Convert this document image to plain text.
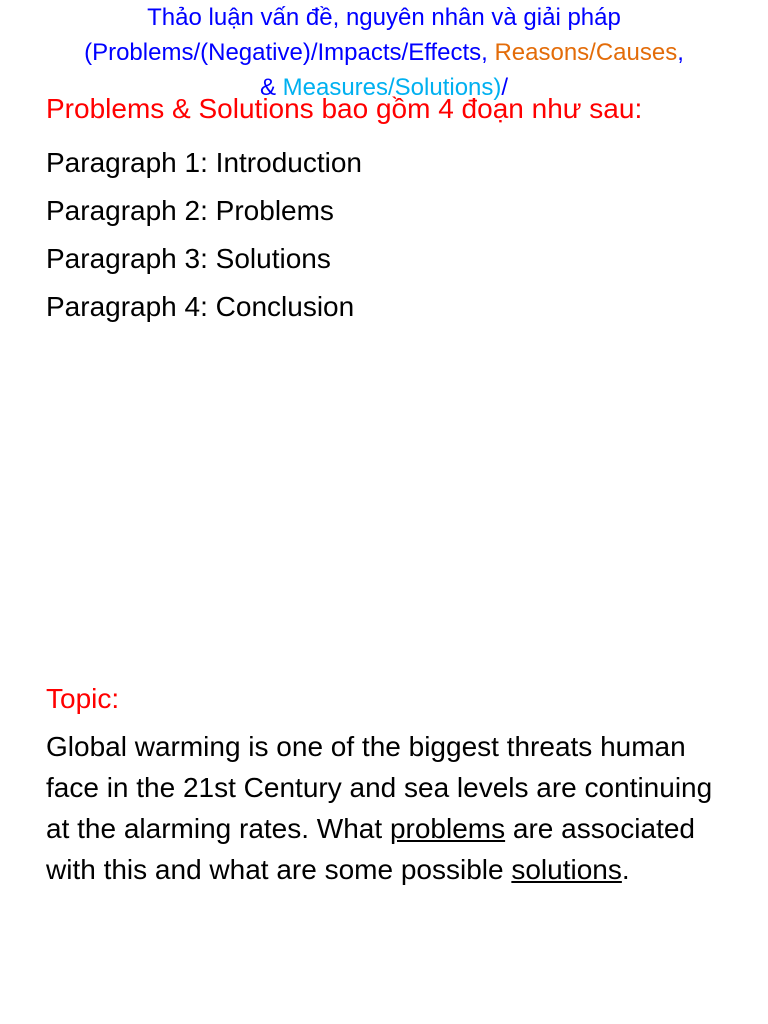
Thảo luận vấn đề, nguyên nhân và giải pháp
(Problems/(Negative)/Impacts/Effects, Reasons/Causes,
& Measures/Solutions)/
Problems & Solutions bao gồm 4 đoạn như sau:
Paragraph 1: Introduction
Paragraph 2: Problems
Paragraph 3: Solutions
Paragraph 4: Conclusion
Topic:

Global warming is one of the biggest threats human face in the 21st Century and sea levels are continuing at the alarming rates. What problems are associated with this and what are some possible solutions.
